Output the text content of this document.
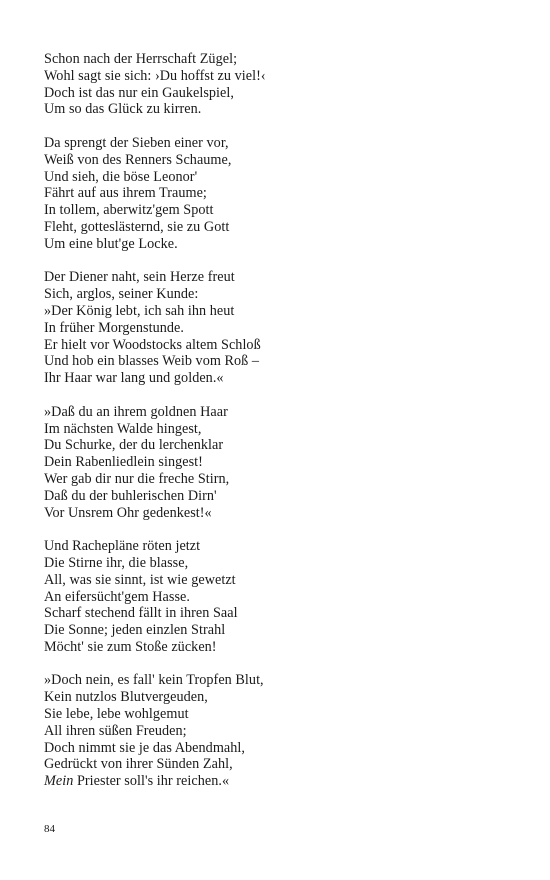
Schon nach der Herrschaft Zügel;
Wohl sagt sie sich: ›Du hoffst zu viel!‹
Doch ist das nur ein Gaukelspiel,
Um so das Glück zu kirren.
Da sprengt der Sieben einer vor,
Weiß von des Renners Schaume,
Und sieh, die böse Leonor'
Fährt auf aus ihrem Traume;
In tollem, aberwitz'gem Spott
Fleht, gotteslästernd, sie zu Gott
Um eine blut'ge Locke.
Der Diener naht, sein Herze freut
Sich, arglos, seiner Kunde:
»Der König lebt, ich sah ihn heut
In früher Morgenstunde.
Er hielt vor Woodstocks altem Schloß
Und hob ein blasses Weib vom Roß –
Ihr Haar war lang und golden.«
»Daß du an ihrem goldnen Haar
Im nächsten Walde hingest,
Du Schurke, der du lerchenklar
Dein Rabenliedlein singest!
Wer gab dir nur die freche Stirn,
Daß du der buhlerischen Dirn'
Vor Unsrem Ohr gedenkest!«
Und Rachepläne röten jetzt
Die Stirne ihr, die blasse,
All, was sie sinnt, ist wie gewetzt
An eifersücht'gem Hasse.
Scharf stechend fällt in ihren Saal
Die Sonne; jeden einzlen Strahl
Möcht' sie zum Stoße zücken!
»Doch nein, es fall' kein Tropfen Blut,
Kein nutzlos Blutvergeuden,
Sie lebe, lebe wohlgemut
All ihren süßen Freuden;
Doch nimmt sie je das Abendmahl,
Gedrückt von ihrer Sünden Zahl,
Mein Priester soll's ihr reichen.«
84
